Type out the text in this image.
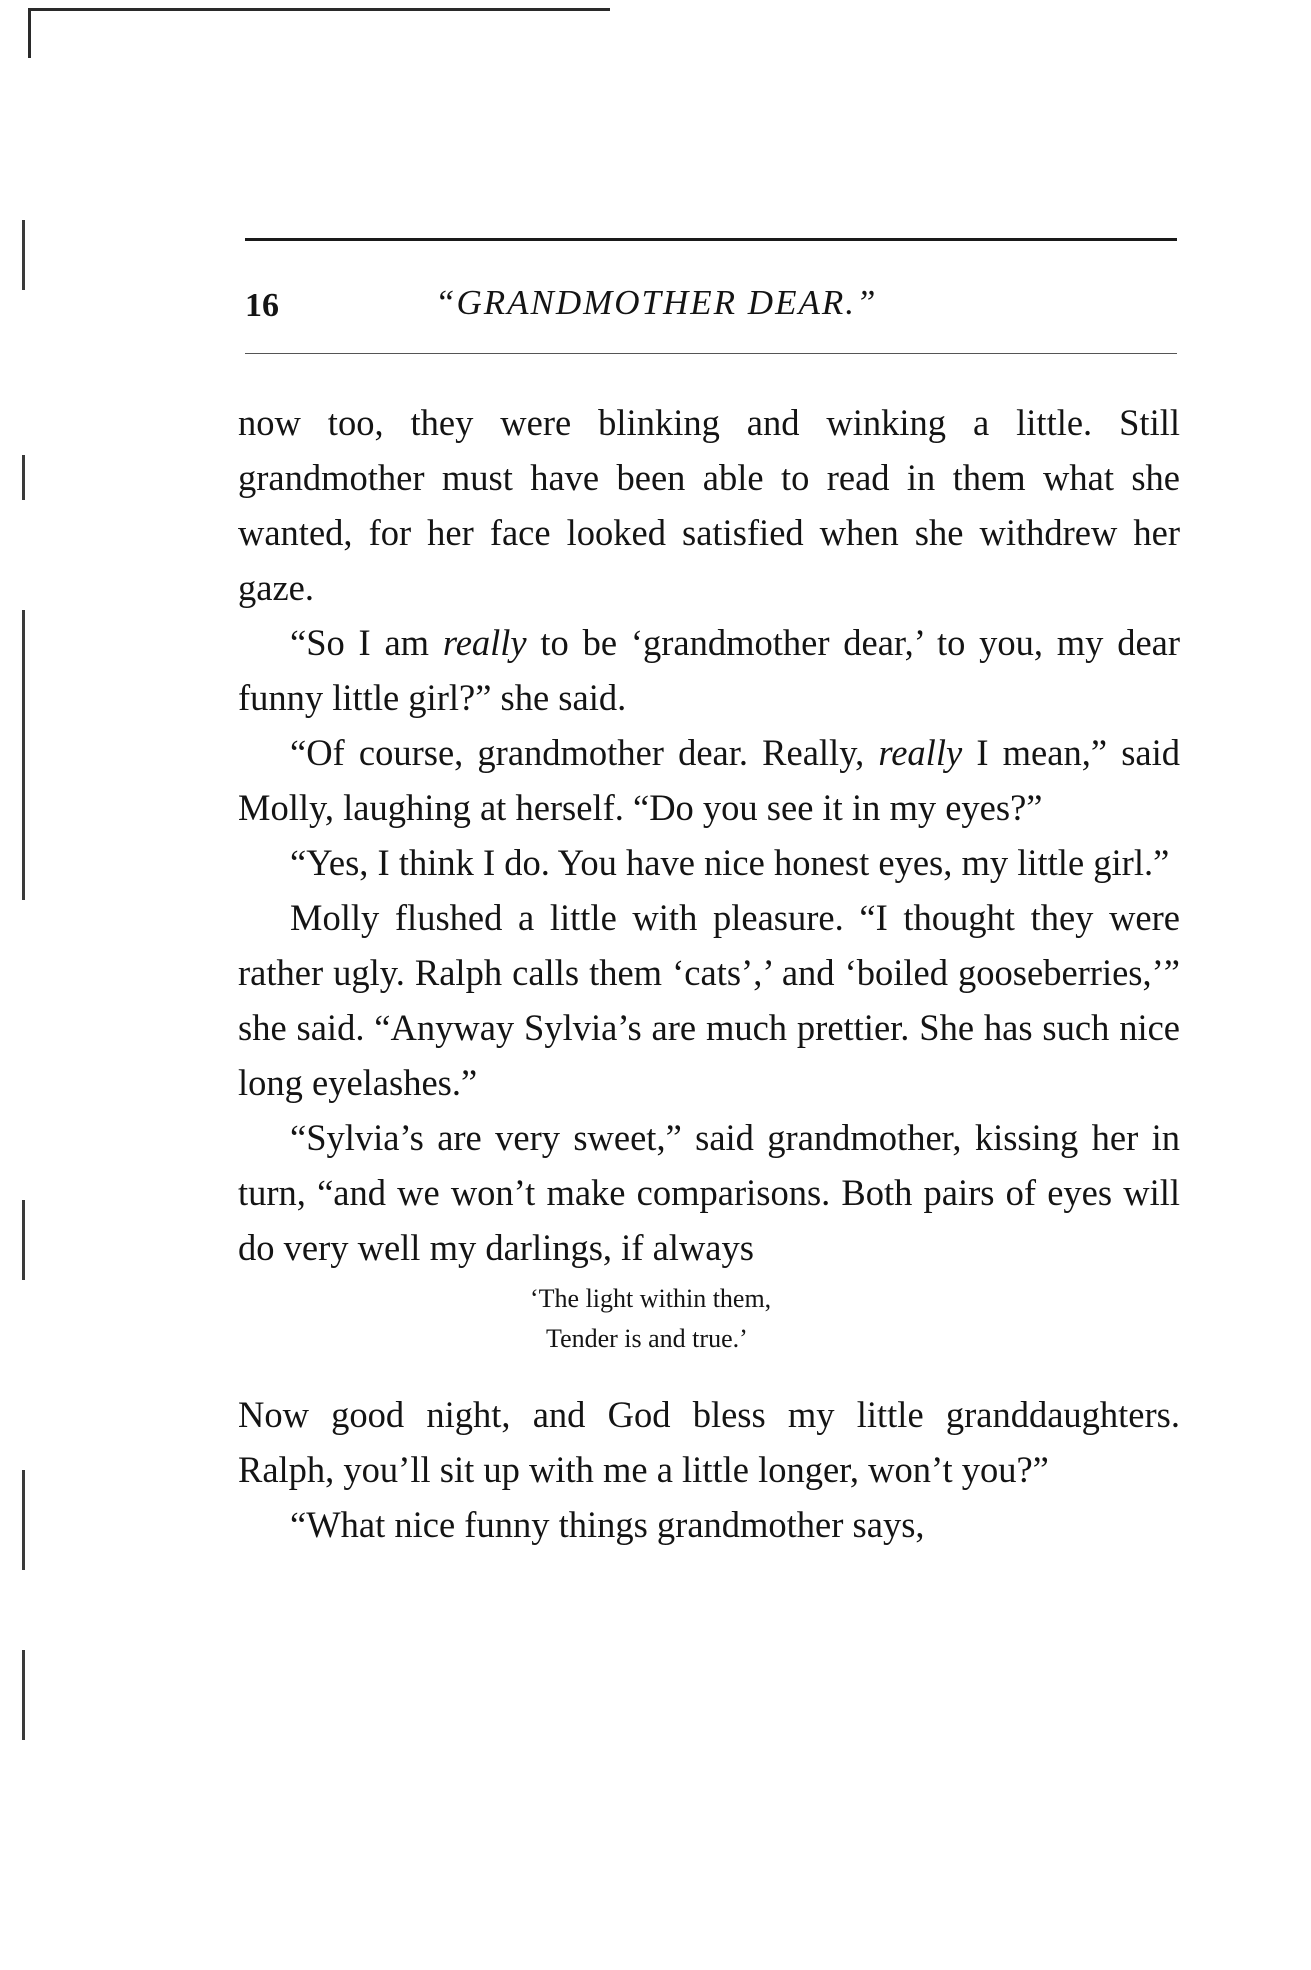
16	“GRANDMOTHER DEAR.”

now too, they were blinking and winking a little. Still grandmother must have been able to read in them what she wanted, for her face looked satisfied when she withdrew her gaze.

“So I am really to be ‘grandmother dear,’ to you, my dear funny little girl?” she said.

“Of course, grandmother dear. Really, really I mean,” said Molly, laughing at herself. “Do you see it in my eyes?”

“Yes, I think I do. You have nice honest eyes, my little girl.”

Molly flushed a little with pleasure. “I thought they were rather ugly. Ralph calls them ‘cats’,’ and ‘boiled gooseberries,’” she said. “Anyway Sylvia’s are much prettier. She has such nice long eyelashes.”

“Sylvia’s are very sweet,” said grandmother, kissing her in turn, “and we won’t make comparisons. Both pairs of eyes will do very well my darlings, if always

‘The light within them,
Tender is and true.’

Now good night, and God bless my little granddaughters. Ralph, you’ll sit up with me a little longer, won’t you?”

“What nice funny things grandmother says,
